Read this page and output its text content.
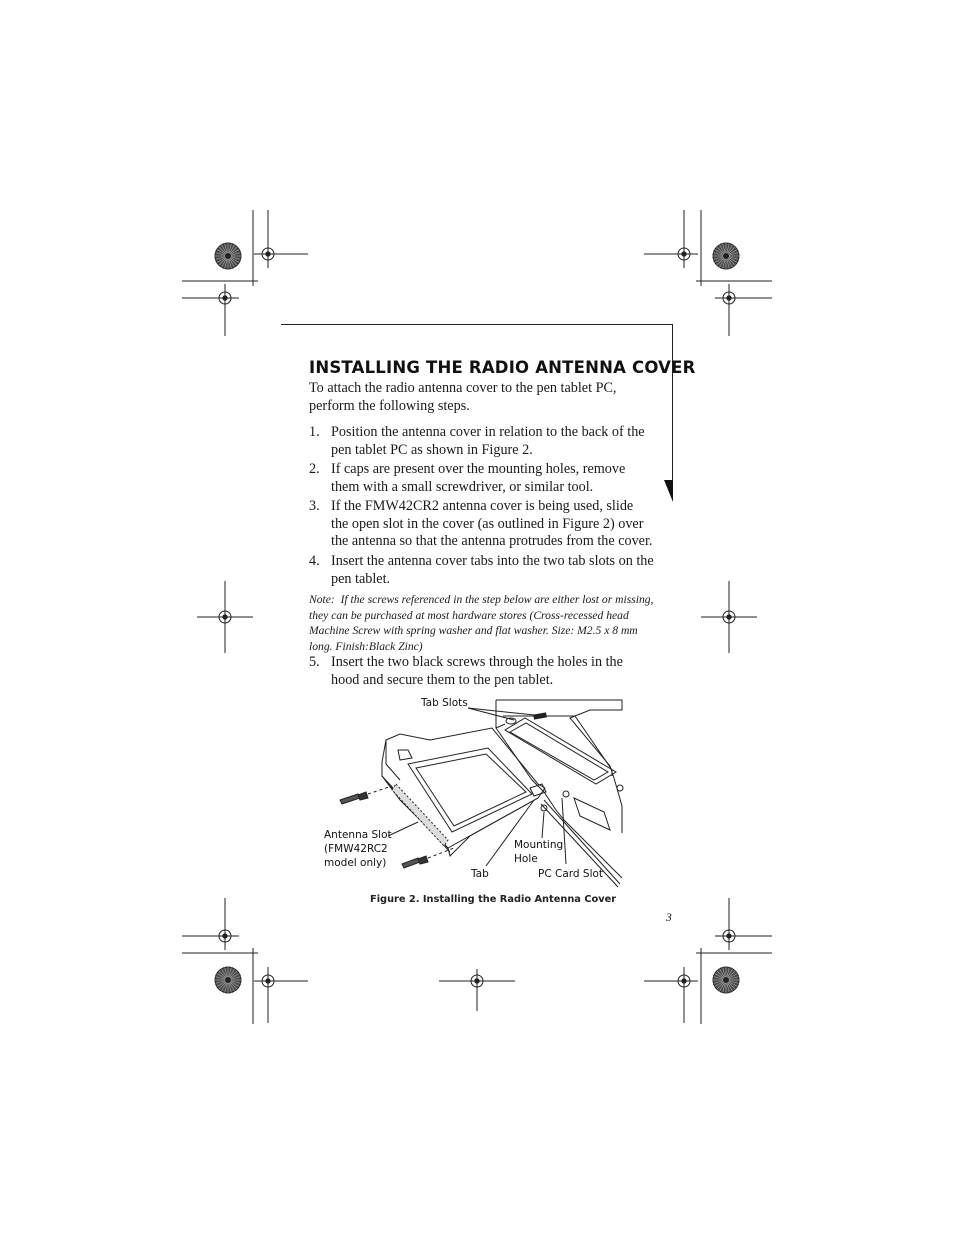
INSTALLING THE RADIO ANTENNA COVER

To attach the radio antenna cover to the pen tablet PC, perform the following steps.

1. Position the antenna cover in relation to the back of the pen tablet PC as shown in Figure 2.
2. If caps are present over the mounting holes, remove them with a small screwdriver, or similar tool.
3. If the FMW42CR2 antenna cover is being used, slide the open slot in the cover (as outlined in Figure 2) over the antenna so that the antenna protrudes from the cover.
4. Insert the antenna cover tabs into the two tab slots on the pen tablet.

Note: If the screws referenced in the step below are either lost or missing, they can be purchased at most hardware stores (Cross-recessed head Machine Screw with spring washer and flat washer. Size: M2.5 x 8 mm long. Finish:Black Zinc)

5. Insert the two black screws through the holes in the hood and secure them to the pen tablet.
Tab Slots
Antenna Slot
(FMW42RC2
model only)
Mounting
Hole
Tab	PC Card Slot
Figure 2. Installing the Radio Antenna Cover
3
